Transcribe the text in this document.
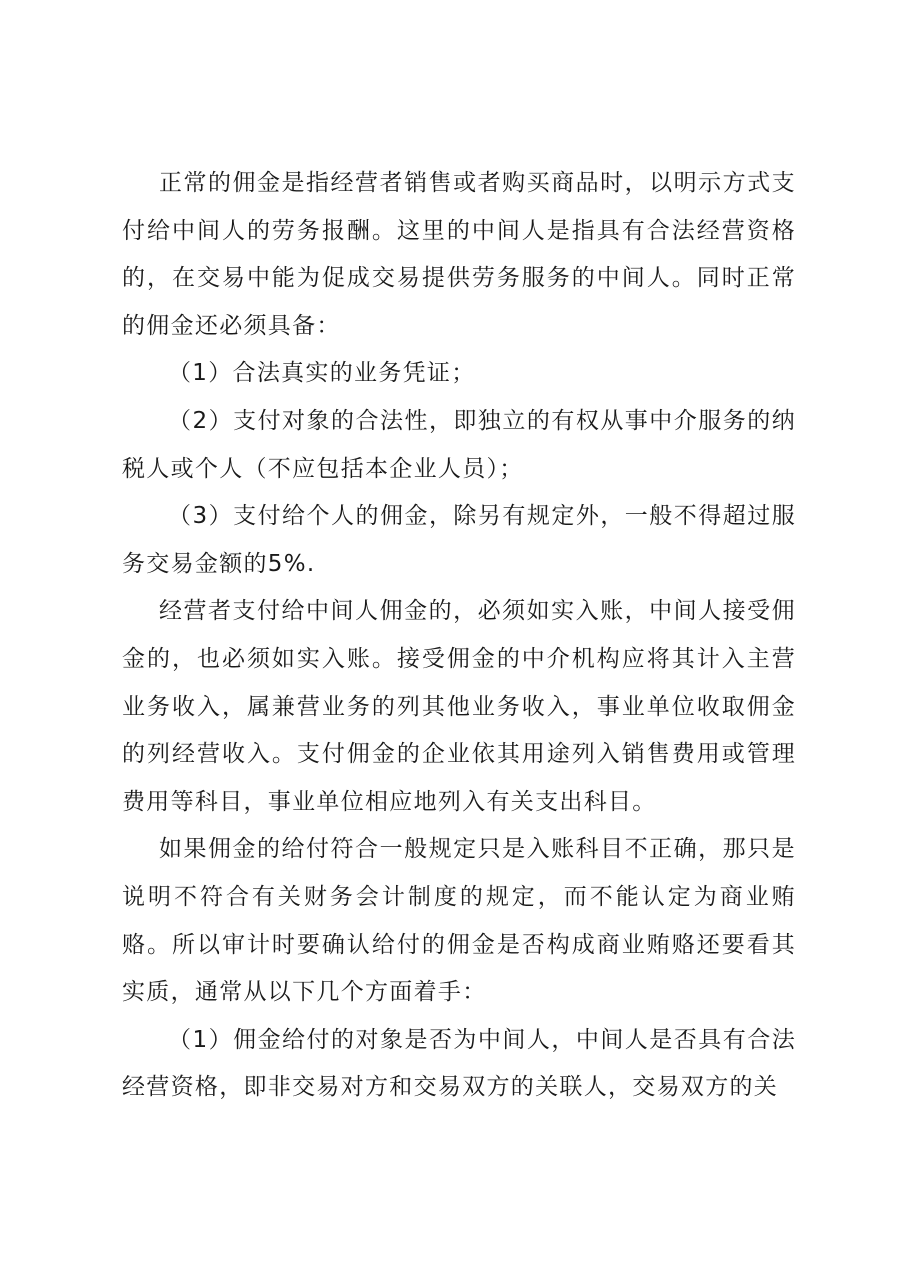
正常的佣金是指经营者销售或者购买商品时，以明示方式支付给中间人的劳务报酬。这里的中间人是指具有合法经营资格的，在交易中能为促成交易提供劳务服务的中间人。同时正常的佣金还必须具备：

（1）合法真实的业务凭证；

（2）支付对象的合法性，即独立的有权从事中介服务的纳税人或个人（不应包括本企业人员）；

（3）支付给个人的佣金，除另有规定外，一般不得超过服务交易金额的5%.

经营者支付给中间人佣金的，必须如实入账，中间人接受佣金的，也必须如实入账。接受佣金的中介机构应将其计入主营业务收入，属兼营业务的列其他业务收入，事业单位收取佣金的列经营收入。支付佣金的企业依其用途列入销售费用或管理费用等科目，事业单位相应地列入有关支出科目。

如果佣金的给付符合一般规定只是入账科目不正确，那只是说明不符合有关财务会计制度的规定，而不能认定为商业贿赂。所以审计时要确认给付的佣金是否构成商业贿赂还要看其实质，通常从以下几个方面着手：

（1）佣金给付的对象是否为中间人，中间人是否具有合法经营资格，即非交易对方和交易双方的关联人，交易双方的关
